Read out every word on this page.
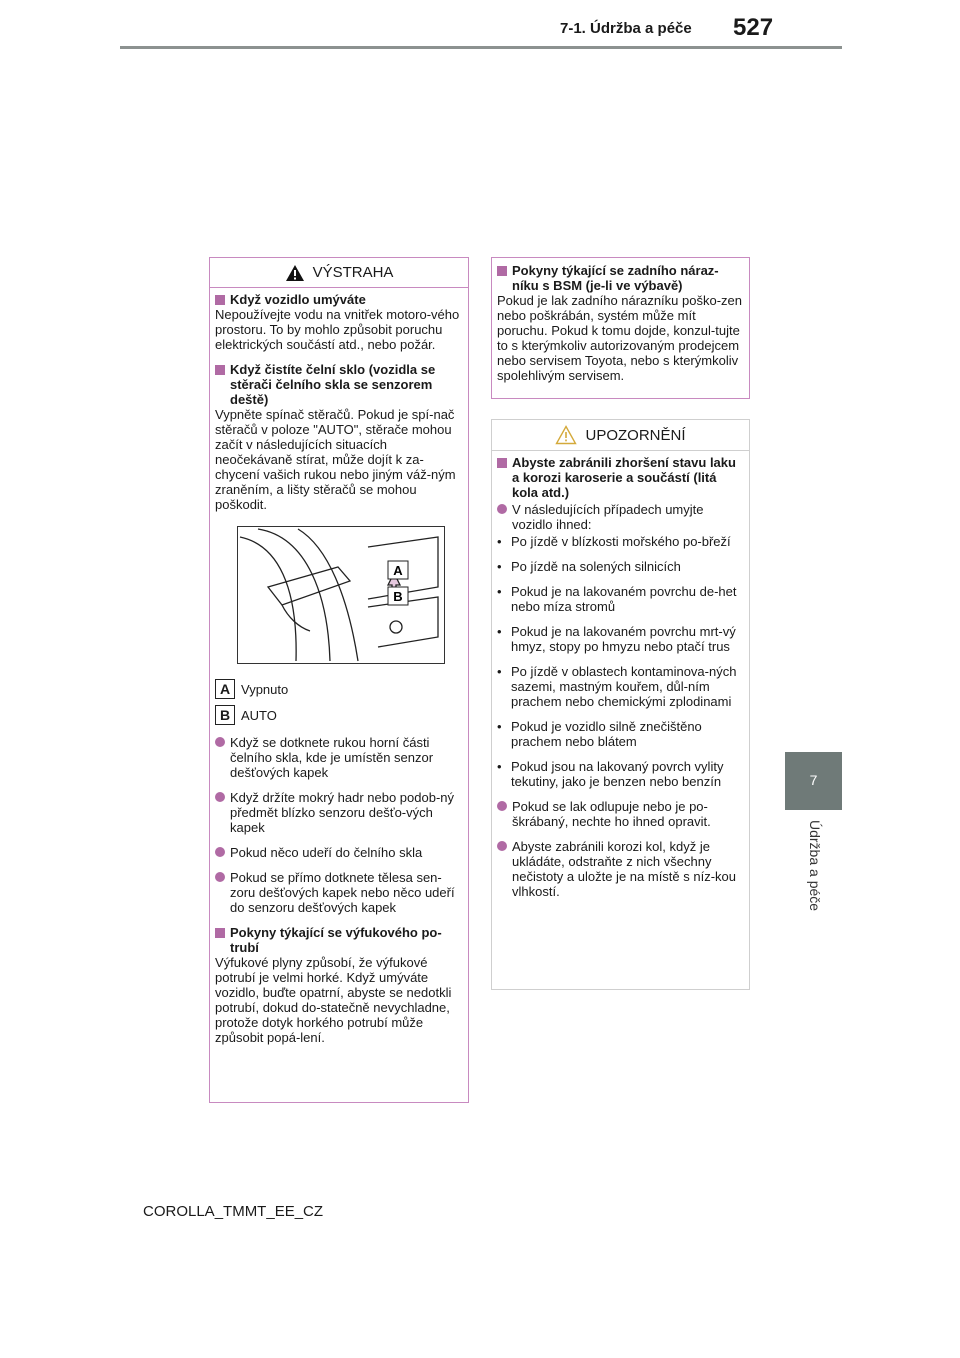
7-1. Údržba a péče 527
7
Údržba a péče
VÝSTRAHA
Když vozidlo umýváte

Nepoužívejte vodu na vnitřek motoro-vého prostoru. To by mohlo způsobit poruchu elektrických součástí atd., nebo požár.

Když čistíte čelní sklo (vozidla se stěrači čelního skla se senzorem deště)

Vypněte spínač stěračů. Pokud je spí-nač stěračů v poloze "AUTO", stěrače mohou začít v následujících situacích neočekávaně stírat, může dojít k za-chycení vašich rukou nebo jiným váž-ným zraněním, a lišty stěračů se mohou poškodit.

A
B
A Vypnuto
B AUTO
Když se dotknete rukou horní části čelního skla, kde je umístěn senzor dešťových kapek
Když držíte mokrý hadr nebo podob-ný předmět blízko senzoru dešťo-vých kapek
Pokud něco udeří do čelního skla
Pokud se přímo dotknete tělesa sen-zoru dešťových kapek nebo něco udeří do senzoru dešťových kapek
Pokyny týkající se výfukového po-trubí

Výfukové plyny způsobí, že výfukové potrubí je velmi horké. Když umýváte vozidlo, buďte opatrní, abyste se nedotkli potrubí, dokud do-statečně nevychladne, protože dotyk horkého potrubí může způsobit popá-lení.

Pokyny týkající se zadního náraz-níku s BSM (je-li ve výbavě)

Pokud je lak zadního nárazníku poško-zen nebo poškrábán, systém může mít poruchu. Pokud k tomu dojde, konzul-tujte to s kterýmkoliv autorizovaným prodejcem nebo servisem Toyota, nebo s kterýmkoliv spolehlivým servisem.

UPOZORNĚNÍ
Abyste zabránili zhoršení stavu laku a korozi karoserie a součástí (litá kola atd.)
V následujících případech umyjte vozidlo ihned:
• Po jízdě v blízkosti mořského po-břeží
• Po jízdě na solených silnicích
• Pokud je na lakovaném povrchu de-het nebo míza stromů
• Pokud je na lakovaném povrchu mrt-vý hmyz, stopy po hmyzu nebo ptačí trus
• Po jízdě v oblastech kontaminova-ných sazemi, mastným kouřem, důl-ním prachem nebo chemickými zplodinami
• Pokud je vozidlo silně znečištěno prachem nebo blátem
• Pokud jsou na lakovaný povrch vylity tekutiny, jako je benzen nebo benzín
Pokud se lak odlupuje nebo je po-škrábaný, nechte ho ihned opravit.
Abyste zabránili korozi kol, když je ukládáte, odstraňte z nich všechny nečistoty a uložte je na místě s níz-kou vlhkostí.
COROLLA_TMMT_EE_CZ
